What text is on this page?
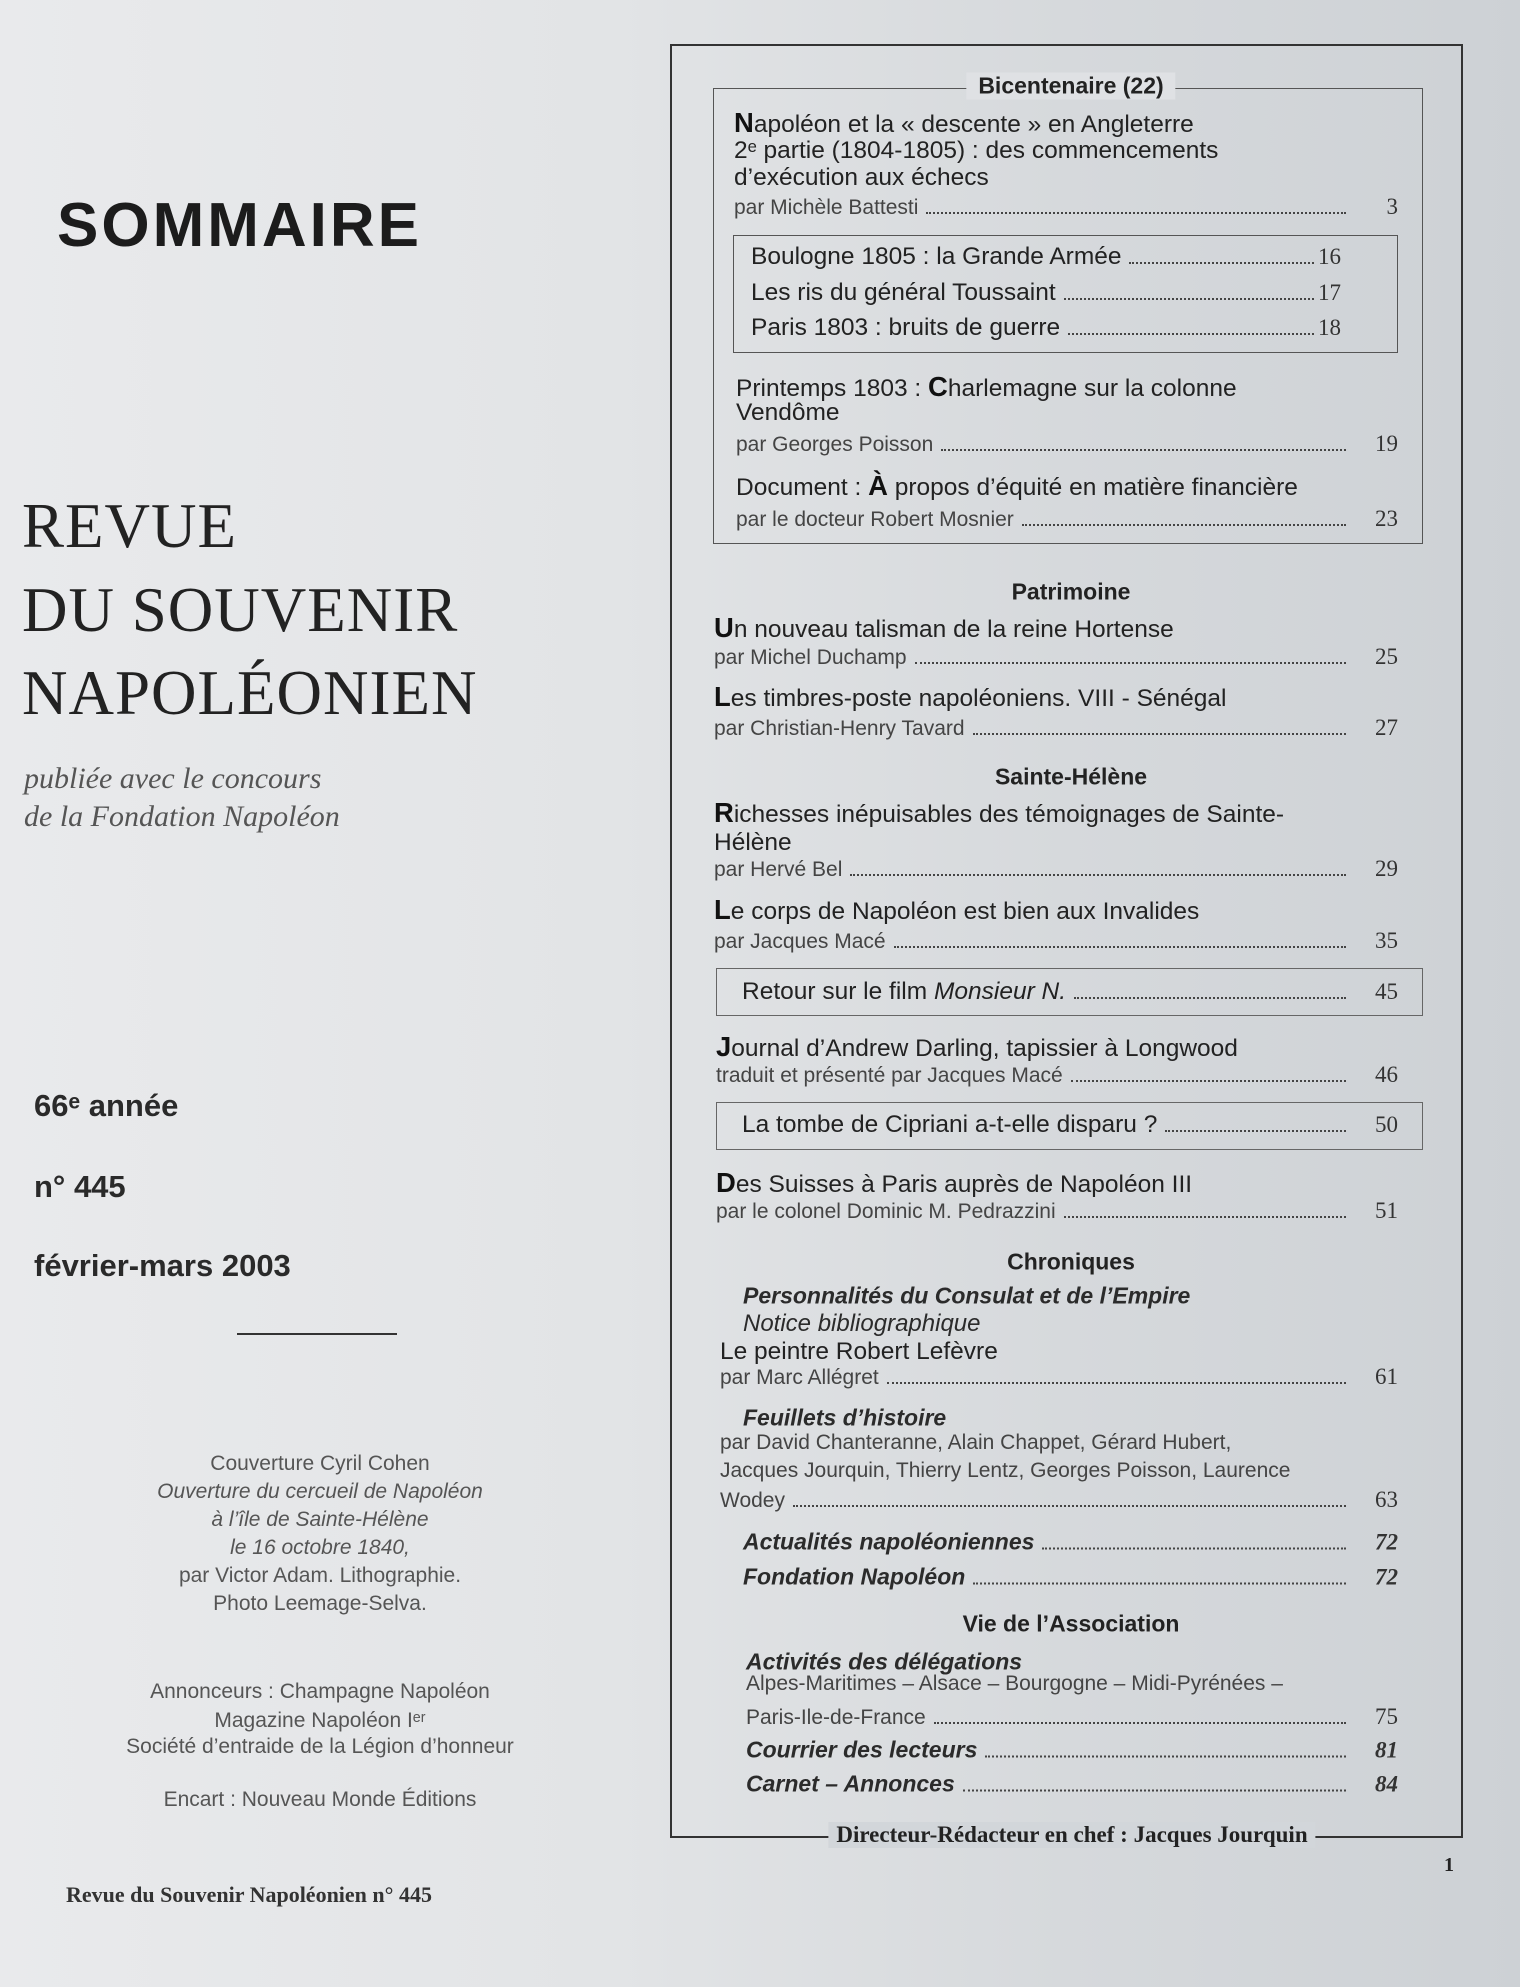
SOMMAIRE
REVUE
DU SOUVENIR
NAPOLÉONIEN
publiée avec le concours
de la Fondation Napoléon
66ᵉ année
n° 445
février-mars 2003
Couverture Cyril Cohen
Ouverture du cercueil de Napoléon
à l’île de Sainte-Hélène
le 16 octobre 1840,
par Victor Adam. Lithographie.
Photo Leemage-Selva.
Annonceurs : Champagne Napoléon
Magazine Napoléon Iᵉʳ
Société d’entraide de la Légion d’honneur
Encart : Nouveau Monde Éditions
Revue du Souvenir Napoléonien n° 445
1
Bicentenaire (22)
Patrimoine
Sainte-Hélène
Chroniques
Vie de l’Association
Directeur-Rédacteur en chef : Jacques Jourquin
Napoléon et la « descente » en Angleterre
2ᵉ partie (1804-1805) : des commencements
d’exécution aux échecs
par Michèle Battesti	3
Boulogne 1805 : la Grande Armée	16
Les ris du général Toussaint	17
Paris 1803 : bruits de guerre	18
Printemps 1803 : Charlemagne sur la colonne
Vendôme
par Georges Poisson	19
Document : À propos d’équité en matière financière
par le docteur Robert Mosnier	23
Un nouveau talisman de la reine Hortense
par Michel Duchamp	25
Les timbres-poste napoléoniens. VIII - Sénégal
par Christian-Henry Tavard	27
Richesses inépuisables des témoignages de Sainte-
Hélène
par Hervé Bel	29
Le corps de Napoléon est bien aux Invalides
par Jacques Macé	35
Retour sur le film Monsieur N.	45
Journal d’Andrew Darling, tapissier à Longwood
traduit et présenté par Jacques Macé	46
La tombe de Cipriani a-t-elle disparu ?	50
Des Suisses à Paris auprès de Napoléon III
par le colonel Dominic M. Pedrazzini	51
Personnalités du Consulat et de l’Empire
Notice bibliographique
Le peintre Robert Lefèvre
par Marc Allégret	61
Feuillets d’histoire
par David Chanteranne, Alain Chappet, Gérard Hubert,
Jacques Jourquin, Thierry Lentz, Georges Poisson, Laurence
Wodey	63
Actualités napoléoniennes	72
Fondation Napoléon	72
Activités des délégations
Alpes-Maritimes – Alsace – Bourgogne – Midi-Pyrénées –
Paris-Ile-de-France	75
Courrier des lecteurs	81
Carnet – Annonces	84
